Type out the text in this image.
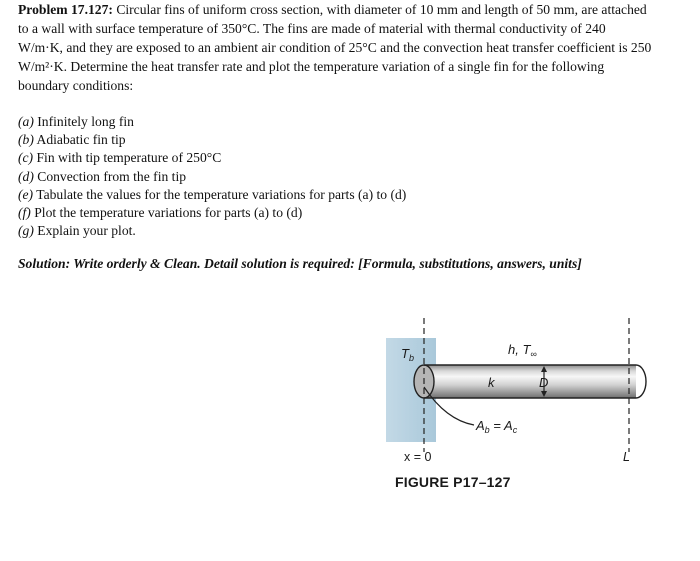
Problem 17.127: Circular fins of uniform cross section, with diameter of 10 mm and length of 50 mm, are attached
to a wall with surface temperature of 350°C. The fins are made of material with thermal conductivity of 240
W/m·K, and they are exposed to an ambient air condition of 25°C and the convection heat transfer coefficient is 250
W/m²·K. Determine the heat transfer rate and plot the temperature variation of a single fin for the following
boundary conditions:
(a) Infinitely long fin
(b) Adiabatic fin tip
(c) Fin with tip temperature of 250°C
(d) Convection from the fin tip
(e) Tabulate the values for the temperature variations for parts (a) to (d)
(f) Plot the temperature variations for parts (a) to (d)
(g) Explain your plot.
Solution: Write orderly & Clean. Detail solution is required: [Formula, substitutions, answers, units]
$T_b$
h, $T_\infty$
k	D
$A_b = A_c$
x = 0	L
FIGURE P17–127
